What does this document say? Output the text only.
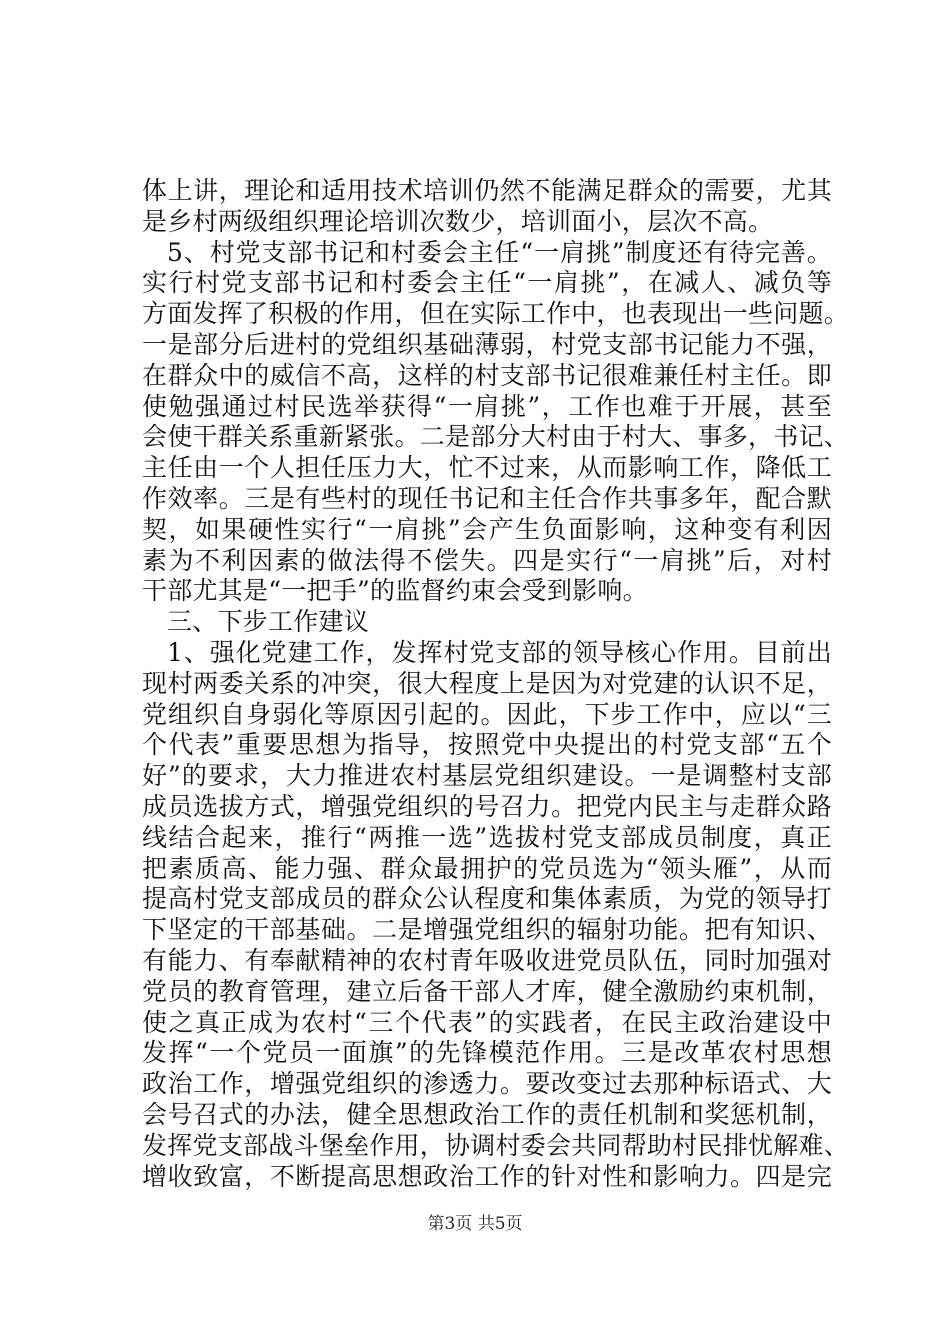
体上讲，理论和适用技术培训仍然不能满足群众的需要，尤其
是乡村两级组织理论培训次数少，培训面小，层次不高。
5、村党支部书记和村委会主任“一肩挑”制度还有待完善。
实行村党支部书记和村委会主任“一肩挑”，在减人、减负等
方面发挥了积极的作用，但在实际工作中，也表现出一些问题。
一是部分后进村的党组织基础薄弱，村党支部书记能力不强，
在群众中的威信不高，这样的村支部书记很难兼任村主任。即
使勉强通过村民选举获得“一肩挑”，工作也难于开展，甚至
会使干群关系重新紧张。二是部分大村由于村大、事多，书记、
主任由一个人担任压力大，忙不过来，从而影响工作，降低工
作效率。三是有些村的现任书记和主任合作共事多年，配合默
契，如果硬性实行“一肩挑”会产生负面影响，这种变有利因
素为不利因素的做法得不偿失。四是实行“一肩挑”后，对村
干部尤其是“一把手”的监督约束会受到影响。
三、下步工作建议
1、强化党建工作，发挥村党支部的领导核心作用。目前出
现村两委关系的冲突，很大程度上是因为对党建的认识不足，
党组织自身弱化等原因引起的。因此，下步工作中，应以“三
个代表”重要思想为指导，按照党中央提出的村党支部“五个
好”的要求，大力推进农村基层党组织建设。一是调整村支部
成员选拔方式，增强党组织的号召力。把党内民主与走群众路
线结合起来，推行“两推一选”选拔村党支部成员制度，真正
把素质高、能力强、群众最拥护的党员选为“领头雁”，从而
提高村党支部成员的群众公认程度和集体素质，为党的领导打
下坚定的干部基础。二是增强党组织的辐射功能。把有知识、
有能力、有奉献精神的农村青年吸收进党员队伍，同时加强对
党员的教育管理，建立后备干部人才库，健全激励约束机制，
使之真正成为农村“三个代表”的实践者，在民主政治建设中
发挥“一个党员一面旗”的先锋模范作用。三是改革农村思想
政治工作，增强党组织的渗透力。要改变过去那种标语式、大
会号召式的办法，健全思想政治工作的责任机制和奖惩机制，
发挥党支部战斗堡垒作用，协调村委会共同帮助村民排忧解难、
增收致富，不断提高思想政治工作的针对性和影响力。四是完
第3页 共5页
